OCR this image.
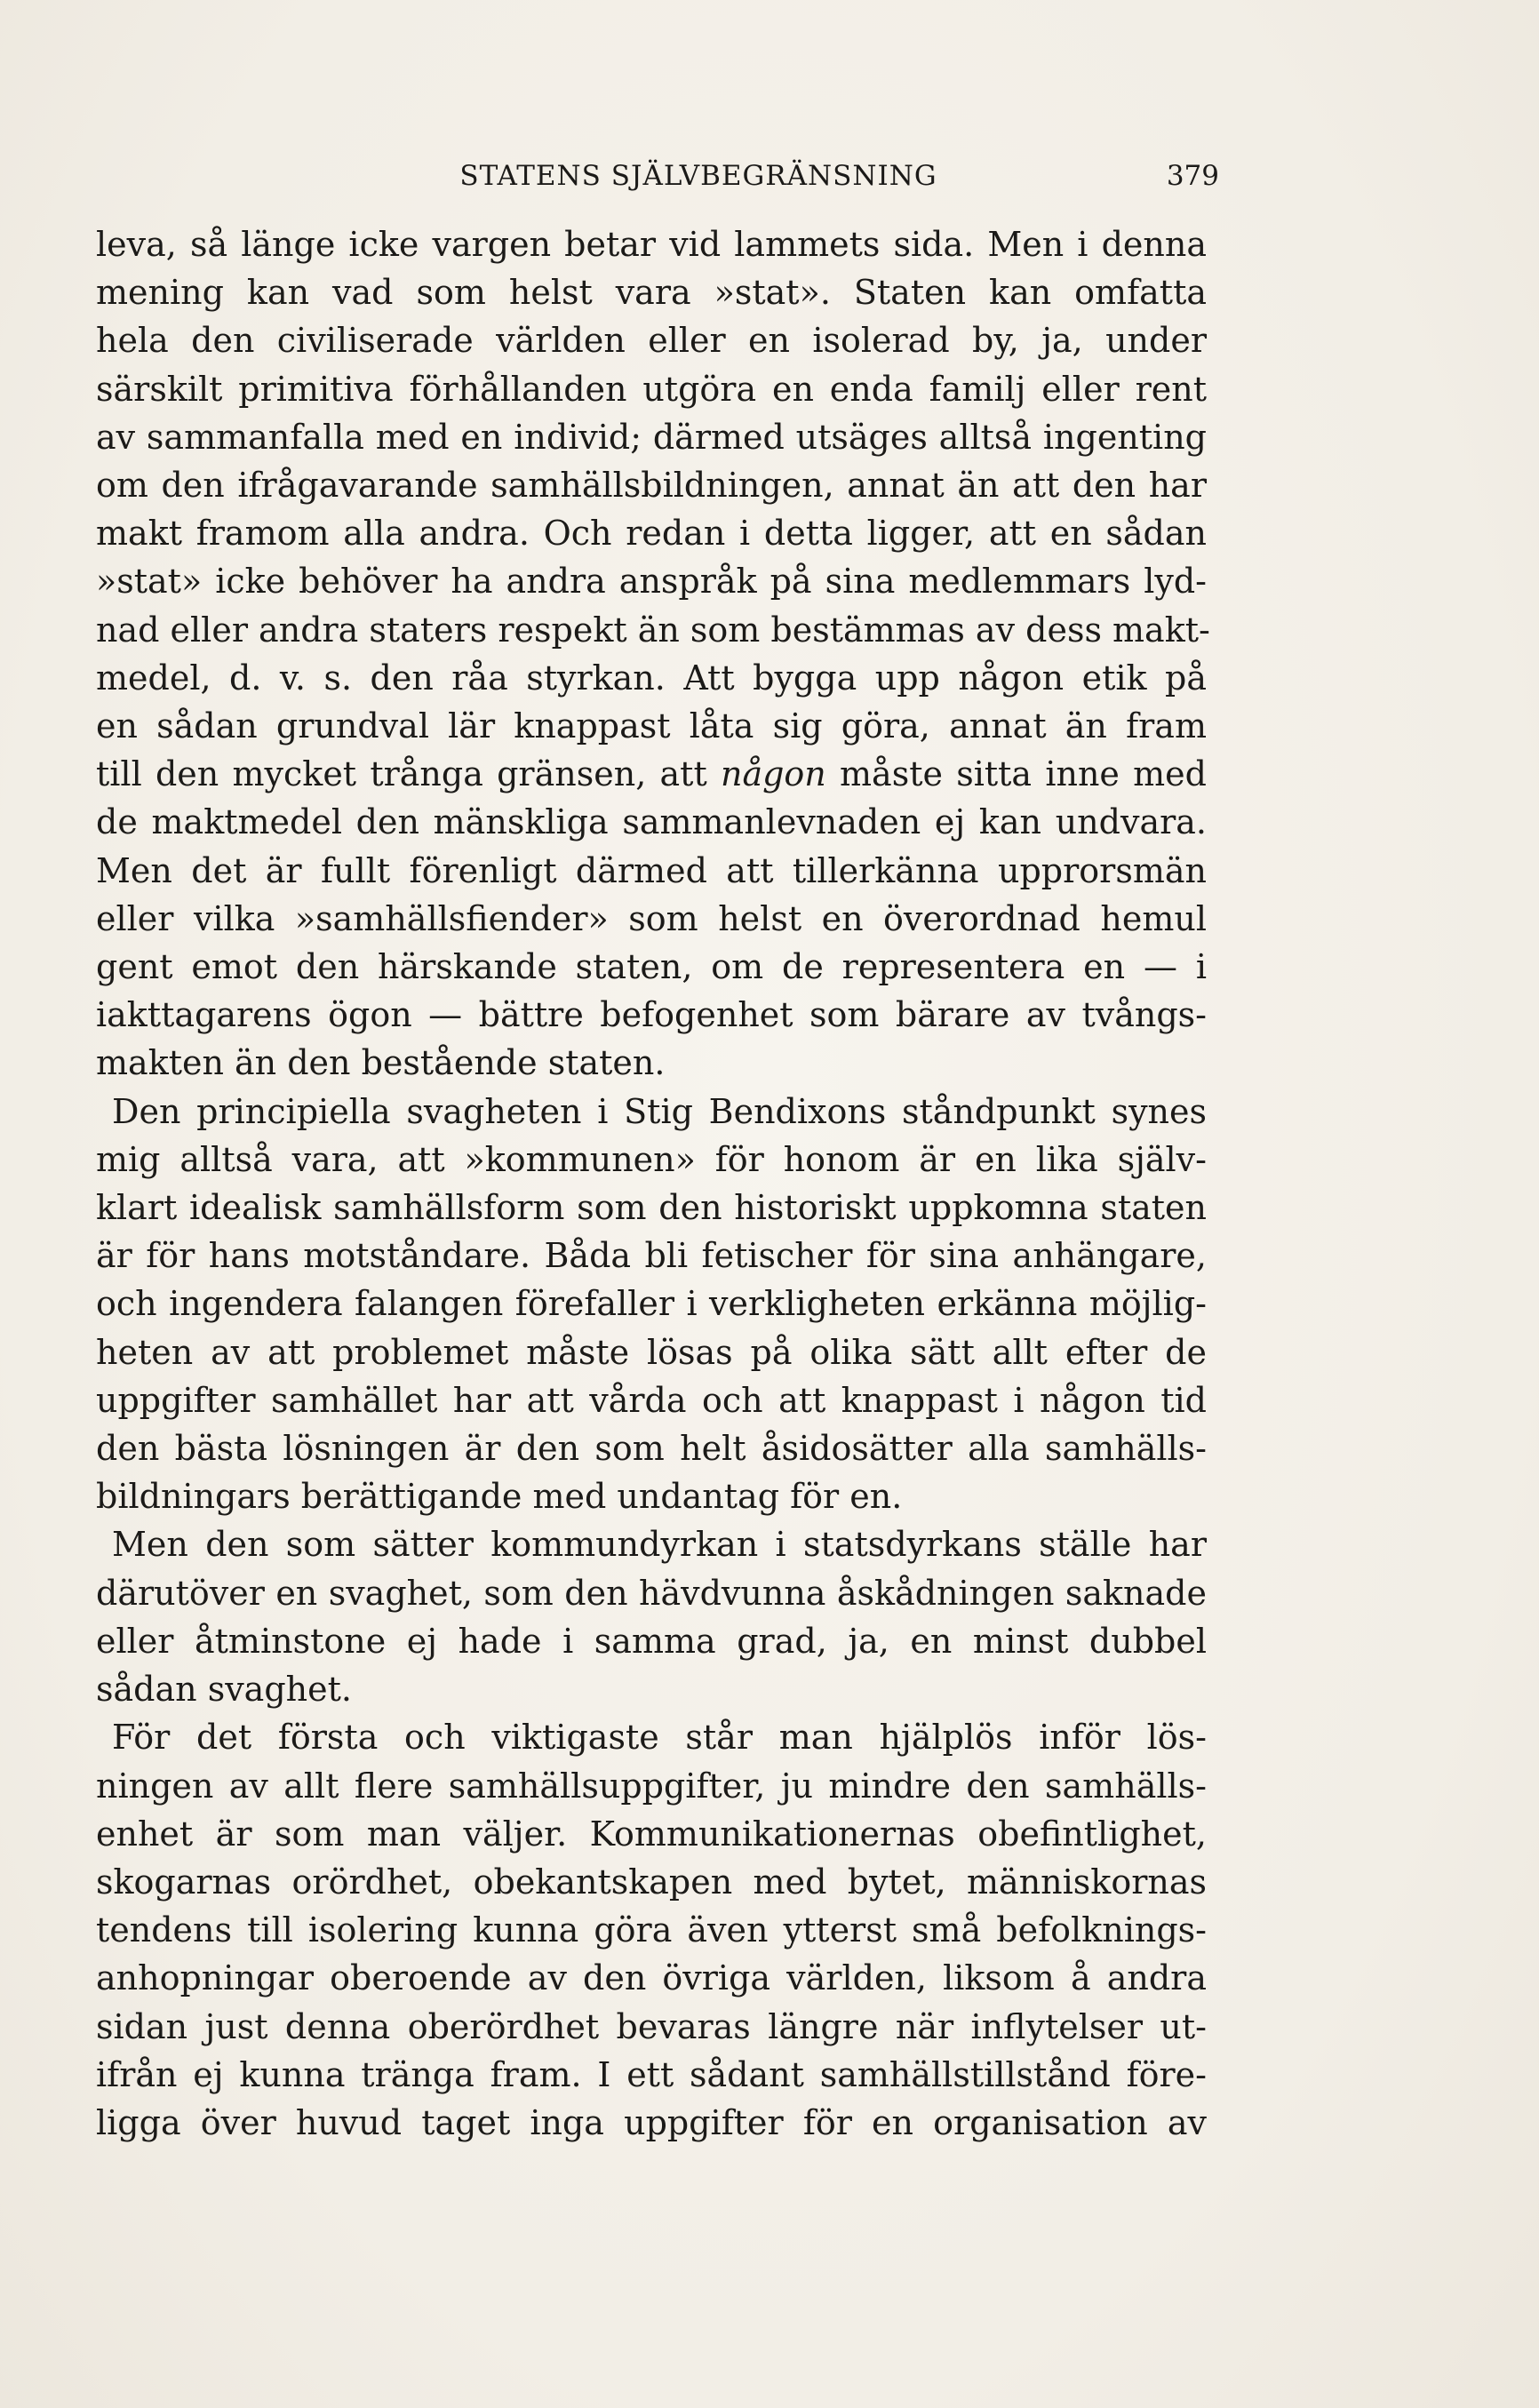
STATENS SJÄLVBEGRÄNSNING	379
leva, så länge icke vargen betar vid lammets sida. Men i denna
mening kan vad som helst vara »stat». Staten kan omfatta
hela den civiliserade världen eller en isolerad by, ja, under
särskilt primitiva förhållanden utgöra en enda familj eller rent
av sammanfalla med en individ; därmed utsäges alltså ingenting
om den ifrågavarande samhällsbildningen, annat än att den har
makt framom alla andra. Och redan i detta ligger, att en sådan
»stat» icke behöver ha andra anspråk på sina medlemmars lyd-
nad eller andra staters respekt än som bestämmas av dess makt-
medel, d. v. s. den råa styrkan. Att bygga upp någon etik på
en sådan grundval lär knappast låta sig göra, annat än fram
till den mycket trånga gränsen, att någon måste sitta inne med
de maktmedel den mänskliga sammanlevnaden ej kan undvara.
Men det är fullt förenligt därmed att tillerkänna upprorsmän
eller vilka »samhällsfiender» som helst en överordnad hemul
gent emot den härskande staten, om de representera en — i
iakttagarens ögon — bättre befogenhet som bärare av tvångs-
makten än den bestående staten.
Den principiella svagheten i Stig Bendixons ståndpunkt synes
mig alltså vara, att »kommunen» för honom är en lika själv-
klart idealisk samhällsform som den historiskt uppkomna staten
är för hans motståndare. Båda bli fetischer för sina anhängare,
och ingendera falangen förefaller i verkligheten erkänna möjlig-
heten av att problemet måste lösas på olika sätt allt efter de
uppgifter samhället har att vårda och att knappast i någon tid
den bästa lösningen är den som helt åsidosätter alla samhälls-
bildningars berättigande med undantag för en.
Men den som sätter kommundyrkan i statsdyrkans ställe har
därutöver en svaghet, som den hävdvunna åskådningen saknade
eller åtminstone ej hade i samma grad, ja, en minst dubbel
sådan svaghet.
För det första och viktigaste står man hjälplös inför lös-
ningen av allt flere samhällsuppgifter, ju mindre den samhälls-
enhet är som man väljer. Kommunikationernas obefintlighet,
skogarnas orördhet, obekantskapen med bytet, människornas
tendens till isolering kunna göra även ytterst små befolknings-
anhopningar oberoende av den övriga världen, liksom å andra
sidan just denna oberördhet bevaras längre när inflytelser ut-
ifrån ej kunna tränga fram. I ett sådant samhällstillstånd före-
ligga över huvud taget inga uppgifter för en organisation av
